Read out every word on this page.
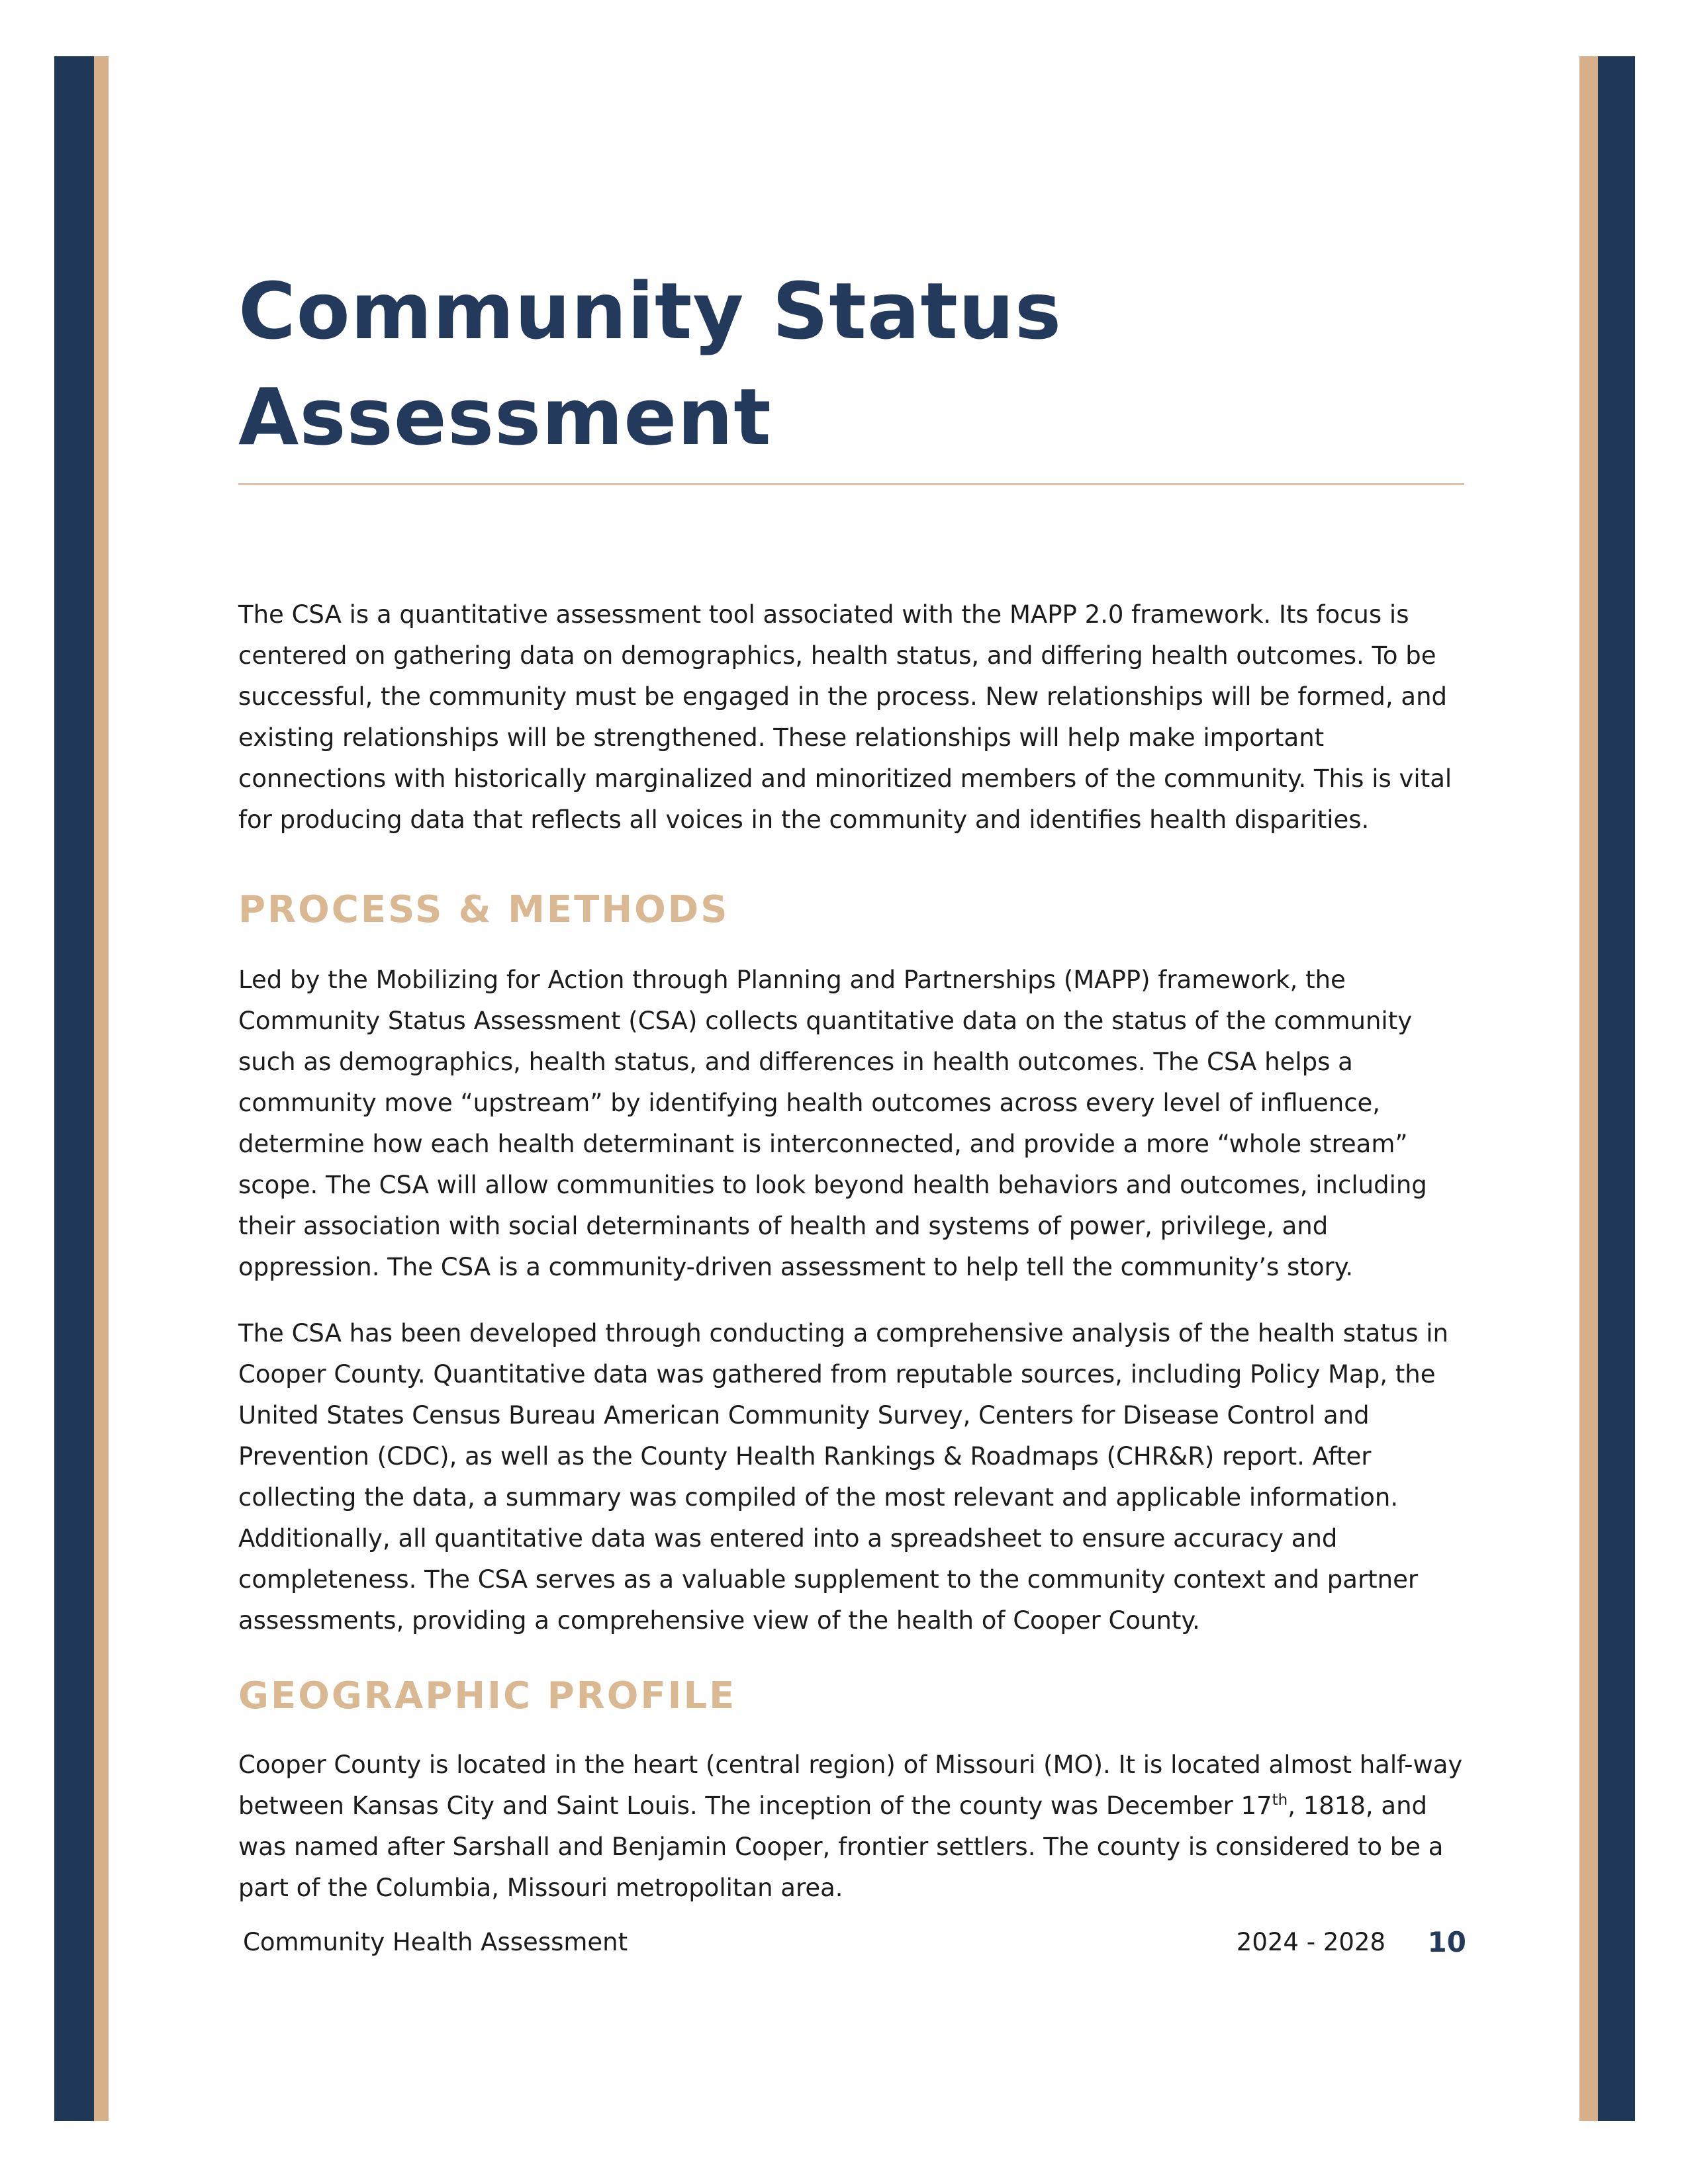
Community Status
Assessment

The CSA is a quantitative assessment tool associated with the MAPP 2.0 framework. Its focus is centered on gathering data on demographics, health status, and differing health outcomes. To be successful, the community must be engaged in the process. New relationships will be formed, and existing relationships will be strengthened. These relationships will help make important connections with historically marginalized and minoritized members of the community. This is vital for producing data that reflects all voices in the community and identifies health disparities.

PROCESS & METHODS

Led by the Mobilizing for Action through Planning and Partnerships (MAPP) framework, the Community Status Assessment (CSA) collects quantitative data on the status of the community such as demographics, health status, and differences in health outcomes. The CSA helps a community move “upstream” by identifying health outcomes across every level of influence, determine how each health determinant is interconnected, and provide a more “whole stream” scope. The CSA will allow communities to look beyond health behaviors and outcomes, including their association with social determinants of health and systems of power, privilege, and oppression. The CSA is a community-driven assessment to help tell the community’s story.

The CSA has been developed through conducting a comprehensive analysis of the health status in Cooper County. Quantitative data was gathered from reputable sources, including Policy Map, the United States Census Bureau American Community Survey, Centers for Disease Control and Prevention (CDC), as well as the County Health Rankings & Roadmaps (CHR&R) report. After collecting the data, a summary was compiled of the most relevant and applicable information. Additionally, all quantitative data was entered into a spreadsheet to ensure accuracy and completeness. The CSA serves as a valuable supplement to the community context and partner assessments, providing a comprehensive view of the health of Cooper County.

GEOGRAPHIC PROFILE

Cooper County is located in the heart (central region) of Missouri (MO). It is located almost half-way between Kansas City and Saint Louis. The inception of the county was December 17th, 1818, and was named after Sarshall and Benjamin Cooper, frontier settlers. The county is considered to be a part of the Columbia, Missouri metropolitan area.

Community Health Assessment	2024 - 2028 10
